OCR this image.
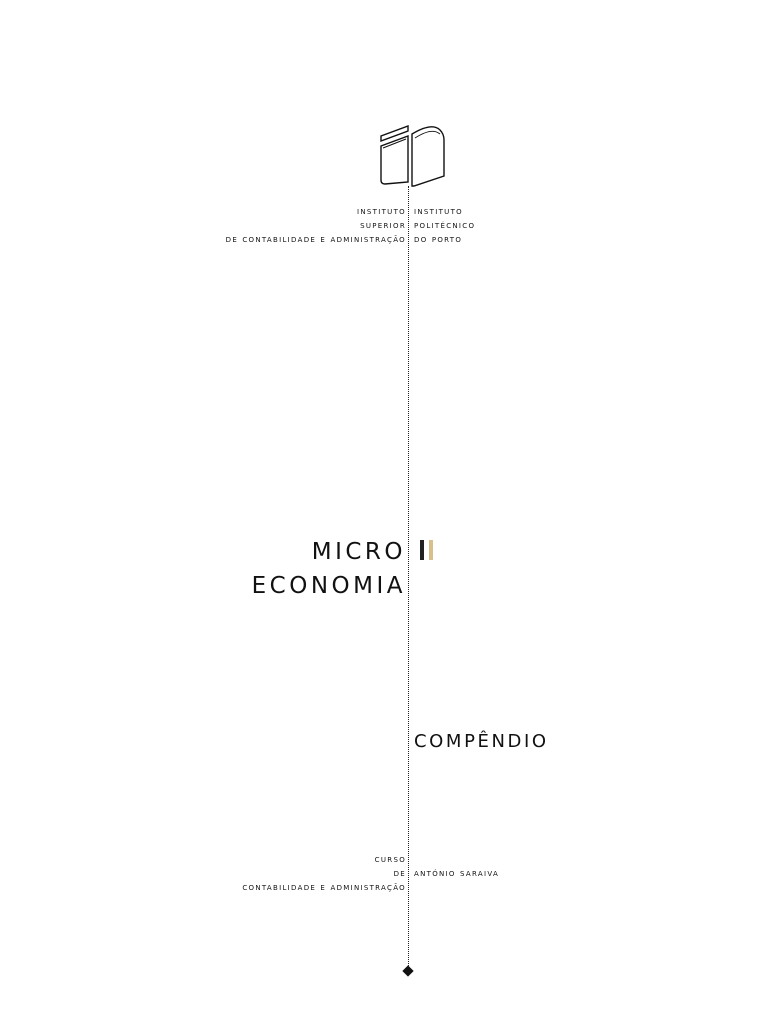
instituto
superior
de contabilidade e administração
instituto
politécnico
do porto
MICRO
ECONOMIA
COMPÊNDIO
curso
de
contabilidade e administração
antónio saraiva
